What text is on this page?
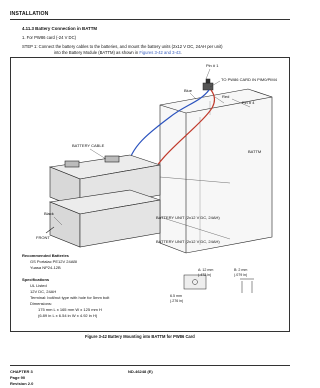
INSTALLATION
4.11.3 Battery Connection in BATTM
1. For PW86 card (-24 V DC)
STEP 1: Connect the battery cables to the batteries, and mount the battery units (2x12 V DC, 24AH per unit)
into the Battery Module (BATTM) as shown in Figures 3-42 and 3-43.
Pin # 1
TO PW86 CARD IN PIM0/PIM4
Blue
Red
Pin # 4
BATTERY CABLE
BATTM
Black
FRONT
BATTERY UNIT (2x12 V DC, 24AH)
BATTERY UNIT (2x12 V DC, 24AH)
Recommended Batteries
GS Portalac PE12V 24ABI
Yuasa NP24-12B
Specifications
UL Listed
12V DC, 24AH
Terminal: bolt/nut type with hole for 5mm bolt
Dimensions:
175 mm L x 165 mm W x 125 mm H
(6.89 in L x 6.54 in W x 4.92 in H)
A: 12 mm
(.472 in)
B: 2 mm
(.079 in)
6.5 mm
(.276 in)
Figure 3-42 Battery Mounting into BATTM for PW86 Card
CHAPTER 3
Page 90
Revision 2.0
ND-46248 (E)
